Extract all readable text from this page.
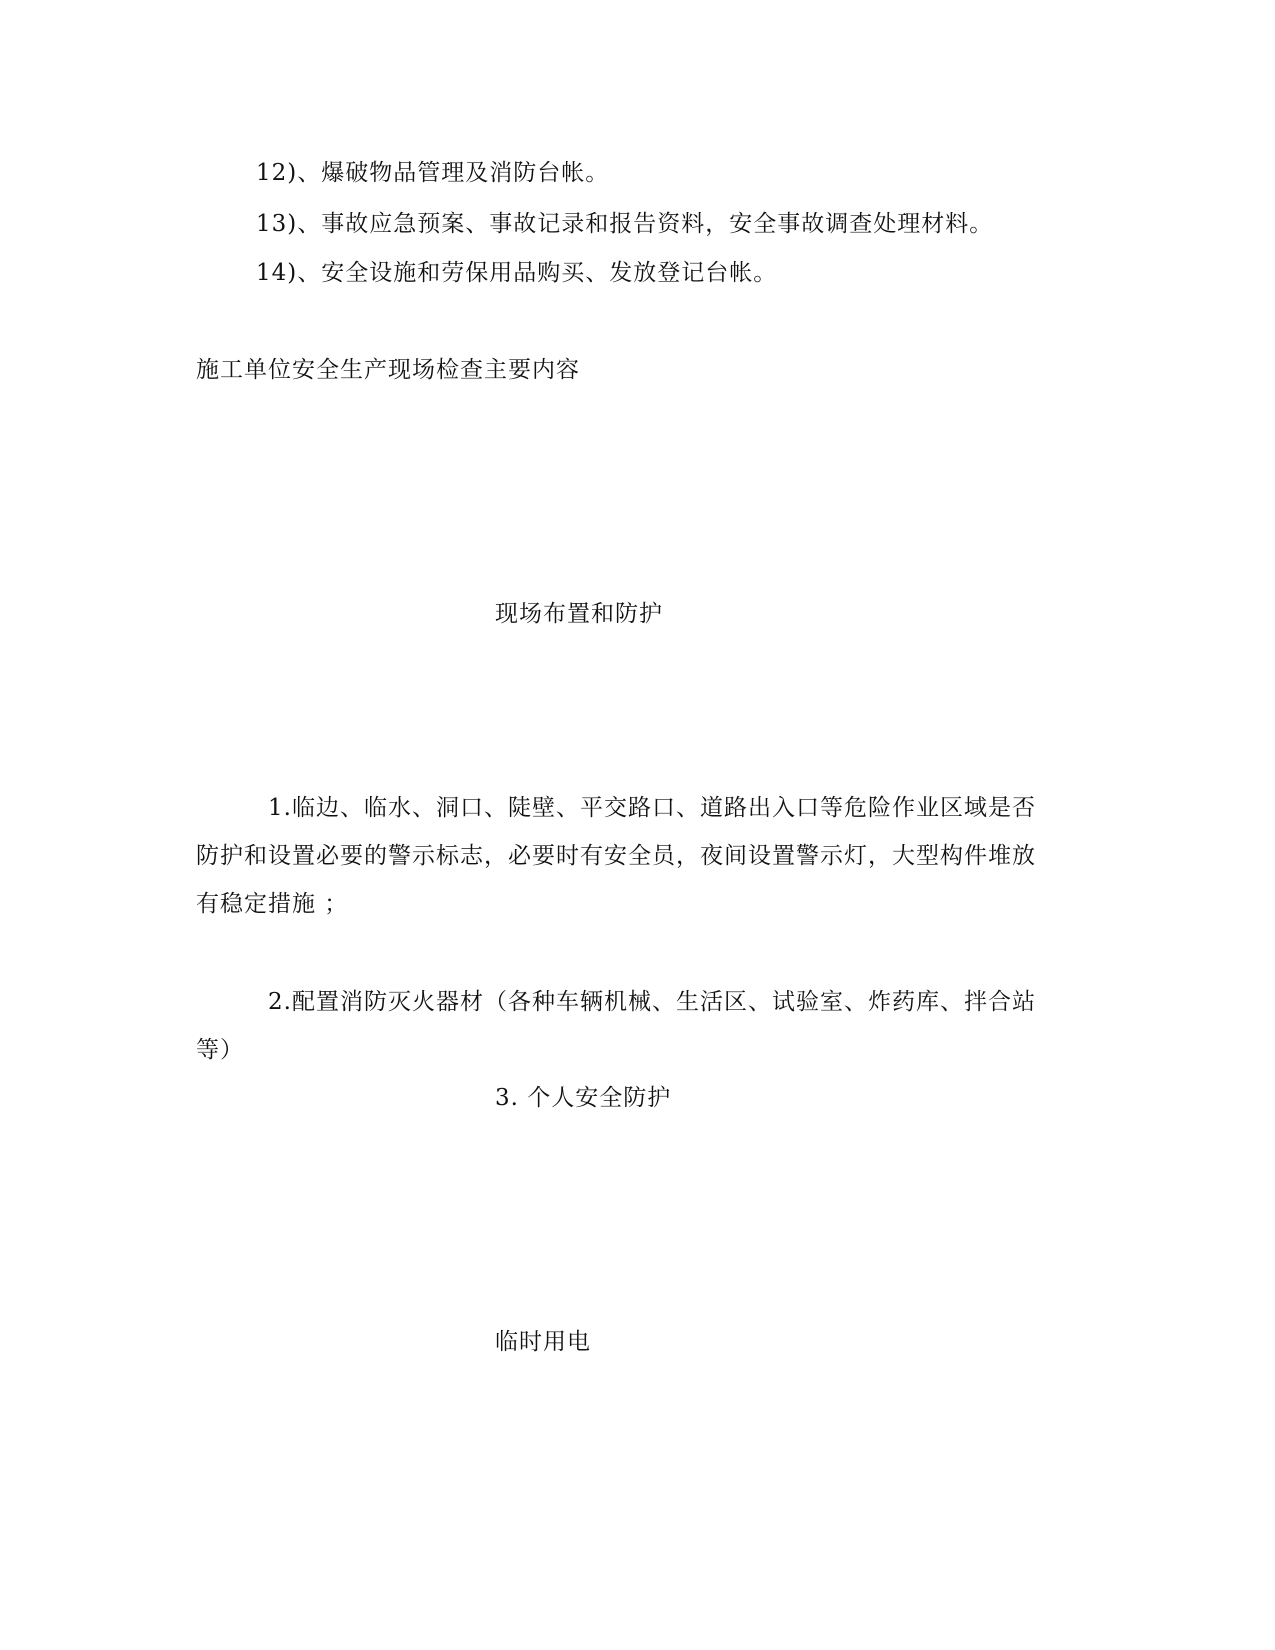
12)、爆破物品管理及消防台帐。
13)、事故应急预案、事故记录和报告资料，安全事故调查处理材料。
14)、安全设施和劳保用品购买、发放登记台帐。
施工单位安全生产现场检查主要内容
现场布置和防护
1.临边、临水、洞口、陡壁、平交路口、道路出入口等危险作业区域是否
防护和设置必要的警示标志，必要时有安全员，夜间设置警示灯，大型构件堆放
有稳定措施 ；
2.配置消防灭火器材（各种车辆机械、生活区、试验室、炸药库、拌合站
等）
3. 个人安全防护
临时用电
